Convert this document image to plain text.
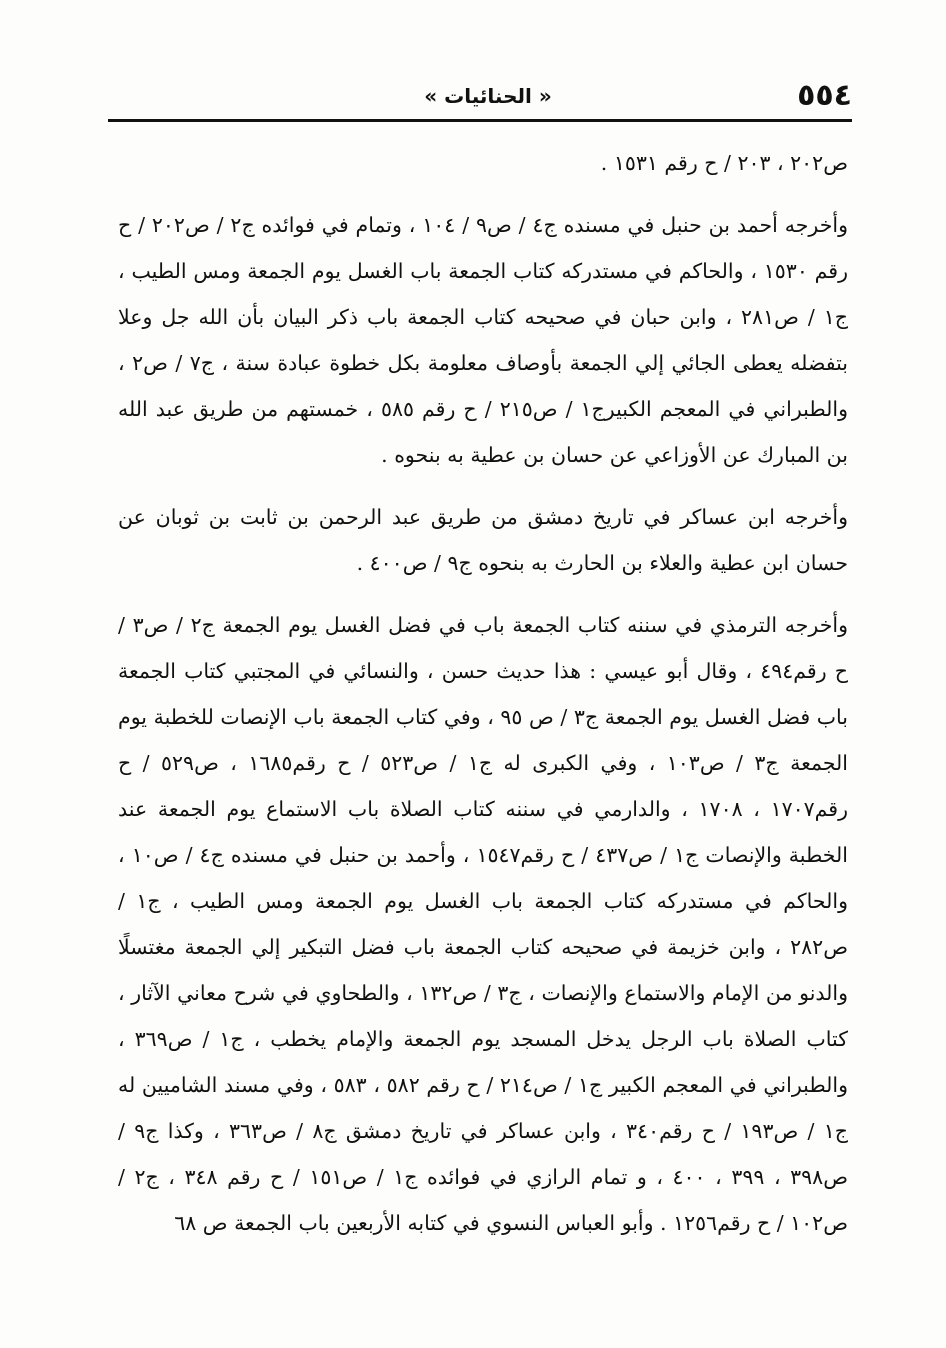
٥٥٤
« الحنائيات »

ص٢٠٢ ، ٢٠٣ / ح رقم ١٥٣١ .

وأخرجه أحمد بن حنبل في مسنده ج٤ / ص٩ / ١٠٤ ، وتمام في فوائده ج٢ / ص٢٠٢ / ح رقم ١٥٣٠ ، والحاكم في مستدركه كتاب الجمعة باب الغسل يوم الجمعة ومس الطيب ، ج١ / ص٢٨١ ، وابن حبان في صحيحه كتاب الجمعة باب ذكر البيان بأن الله جل وعلا بتفضله يعطى الجائي إلي الجمعة بأوصاف معلومة بكل خطوة عبادة سنة ، ج٧ / ص٢ ، والطبراني في المعجم الكبيرج١ / ص٢١٥ / ح رقم ٥٨٥ ، خمستهم من طريق عبد الله بن المبارك عن الأوزاعي عن حسان بن عطية به بنحوه .

وأخرجه ابن عساكر في تاريخ دمشق من طريق عبد الرحمن بن ثابت بن ثوبان عن حسان ابن عطية والعلاء بن الحارث به بنحوه ج٩ / ص٤٠٠ .

وأخرجه الترمذي في سننه كتاب الجمعة باب في فضل الغسل يوم الجمعة ج٢ / ص٣ / ح رقم٤٩٤ ، وقال أبو عيسي : هذا حديث حسن ، والنسائي في المجتبي كتاب الجمعة باب فضل الغسل يوم الجمعة ج٣ / ص ٩٥ ، وفي كتاب الجمعة باب الإنصات للخطبة يوم الجمعة ج٣ / ص١٠٣ ، وفي الكبرى له ج١ / ص٥٢٣ / ح رقم١٦٨٥ ، ص٥٢٩ / ح رقم١٧٠٧ ، ١٧٠٨ ، والدارمي في سننه كتاب الصلاة باب الاستماع يوم الجمعة عند الخطبة والإنصات ج١ / ص٤٣٧ / ح رقم١٥٤٧ ، وأحمد بن حنبل في مسنده ج٤ / ص١٠ ، والحاكم في مستدركه كتاب الجمعة باب الغسل يوم الجمعة ومس الطيب ، ج١ / ص٢٨٢ ، وابن خزيمة في صحيحه كتاب الجمعة باب فضل التبكير إلي الجمعة مغتسلًا والدنو من الإمام والاستماع والإنصات ، ج٣ / ص١٣٢ ، والطحاوي في شرح معاني الآثار ، كتاب الصلاة باب الرجل يدخل المسجد يوم الجمعة والإمام يخطب ، ج١ / ص٣٦٩ ، والطبراني في المعجم الكبير ج١ / ص٢١٤ / ح رقم ٥٨٢ ، ٥٨٣ ، وفي مسند الشاميين له ج١ / ص١٩٣ / ح رقم٣٤٠ ، وابن عساكر في تاريخ دمشق ج٨ / ص٣٦٣ ، وكذا ج٩ / ص٣٩٨ ، ٣٩٩ ، ٤٠٠ ، و تمام الرازي في فوائده ج١ / ص١٥١ / ح رقم ٣٤٨ ، ج٢ / ص١٠٢ / ح رقم١٢٥٦ . وأبو العباس النسوي في كتابه الأربعين باب الجمعة ص ٦٨
